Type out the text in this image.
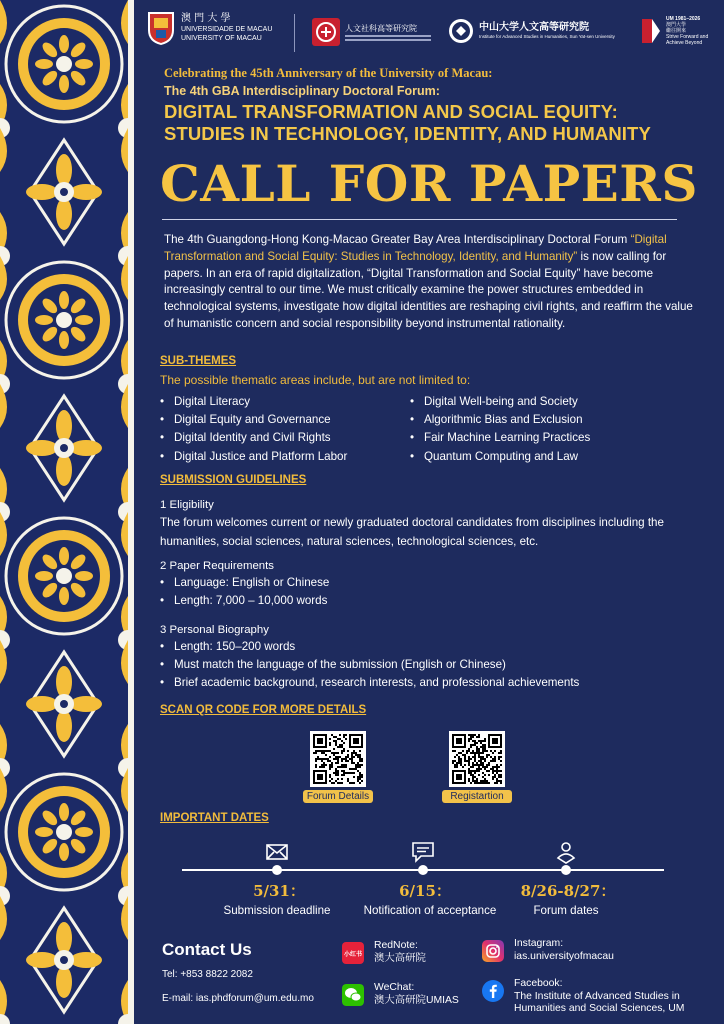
澳 門 大 學
UNIVERSIDADE DE MACAU
UNIVERSITY OF MACAU
人文社科高等研究院	中山大学人文高等研究院
Institute for Advanced Studies in Humanities, Sun Yat-sen University
UM 1981–2026
澳門大學
繼往開來
Strive Forward and
Achieve Beyond
Celebrating the 45th Anniversary of the University of Macau:
The 4th GBA Interdisciplinary Doctoral Forum:
DIGITAL TRANSFORMATION AND SOCIAL EQUITY:
STUDIES IN TECHNOLOGY, IDENTITY, AND HUMANITY
CALL FOR PAPERS

The 4th Guangdong-Hong Kong-Macao Greater Bay Area Interdisciplinary Doctoral Forum “Digital Transformation and Social Equity: Studies in Technology, Identity, and Humanity” is now calling for papers. In an era of rapid digitalization, “Digital Transformation and Social Equity” have become increasingly central to our time. We must critically examine the power structures embedded in technological systems, investigate how digital identities are reshaping civil rights, and reaffirm the value of humanistic concern and social responsibility beyond instrumental rationality.

SUB-THEMES
The possible thematic areas include, but are not limited to:
• Digital Literacy
• Digital Equity and Governance
• Digital Identity and Civil Rights
• Digital Justice and Platform Labor
• Digital Well-being and Society
• Algorithmic Bias and Exclusion
• Fair Machine Learning Practices
• Quantum Computing and Law
SUBMISSION GUIDELINES
1 Eligibility
The forum welcomes current or newly graduated doctoral candidates from disciplines including the humanities, social sciences, natural sciences, technological sciences, etc.
2 Paper Requirements
• Language: English or Chinese
• Length: 7,000 – 10,000 words
3 Personal Biography
• Length: 150–200 words
• Must match the language of the submission (English or Chinese)
• Brief academic background, research interests, and professional achievements
SCAN QR CODE FOR MORE DETAILS
Forum Details	Registartion
IMPORTANT DATES
5/31：	6/15：	8/26-8/27：
Submission deadline	Notification of acceptance	Forum dates
Contact Us
Tel: +853 8822 2082
E-mail: ias.phdforum@um.edu.mo
小红书
RedNote:
澳大高研院
WeChat:
澳大高研院UMIAS
Instagram:
ias.universityofmacau
Facebook:
The Institute of Advanced Studies in
Humanities and Social Sciences, UM
